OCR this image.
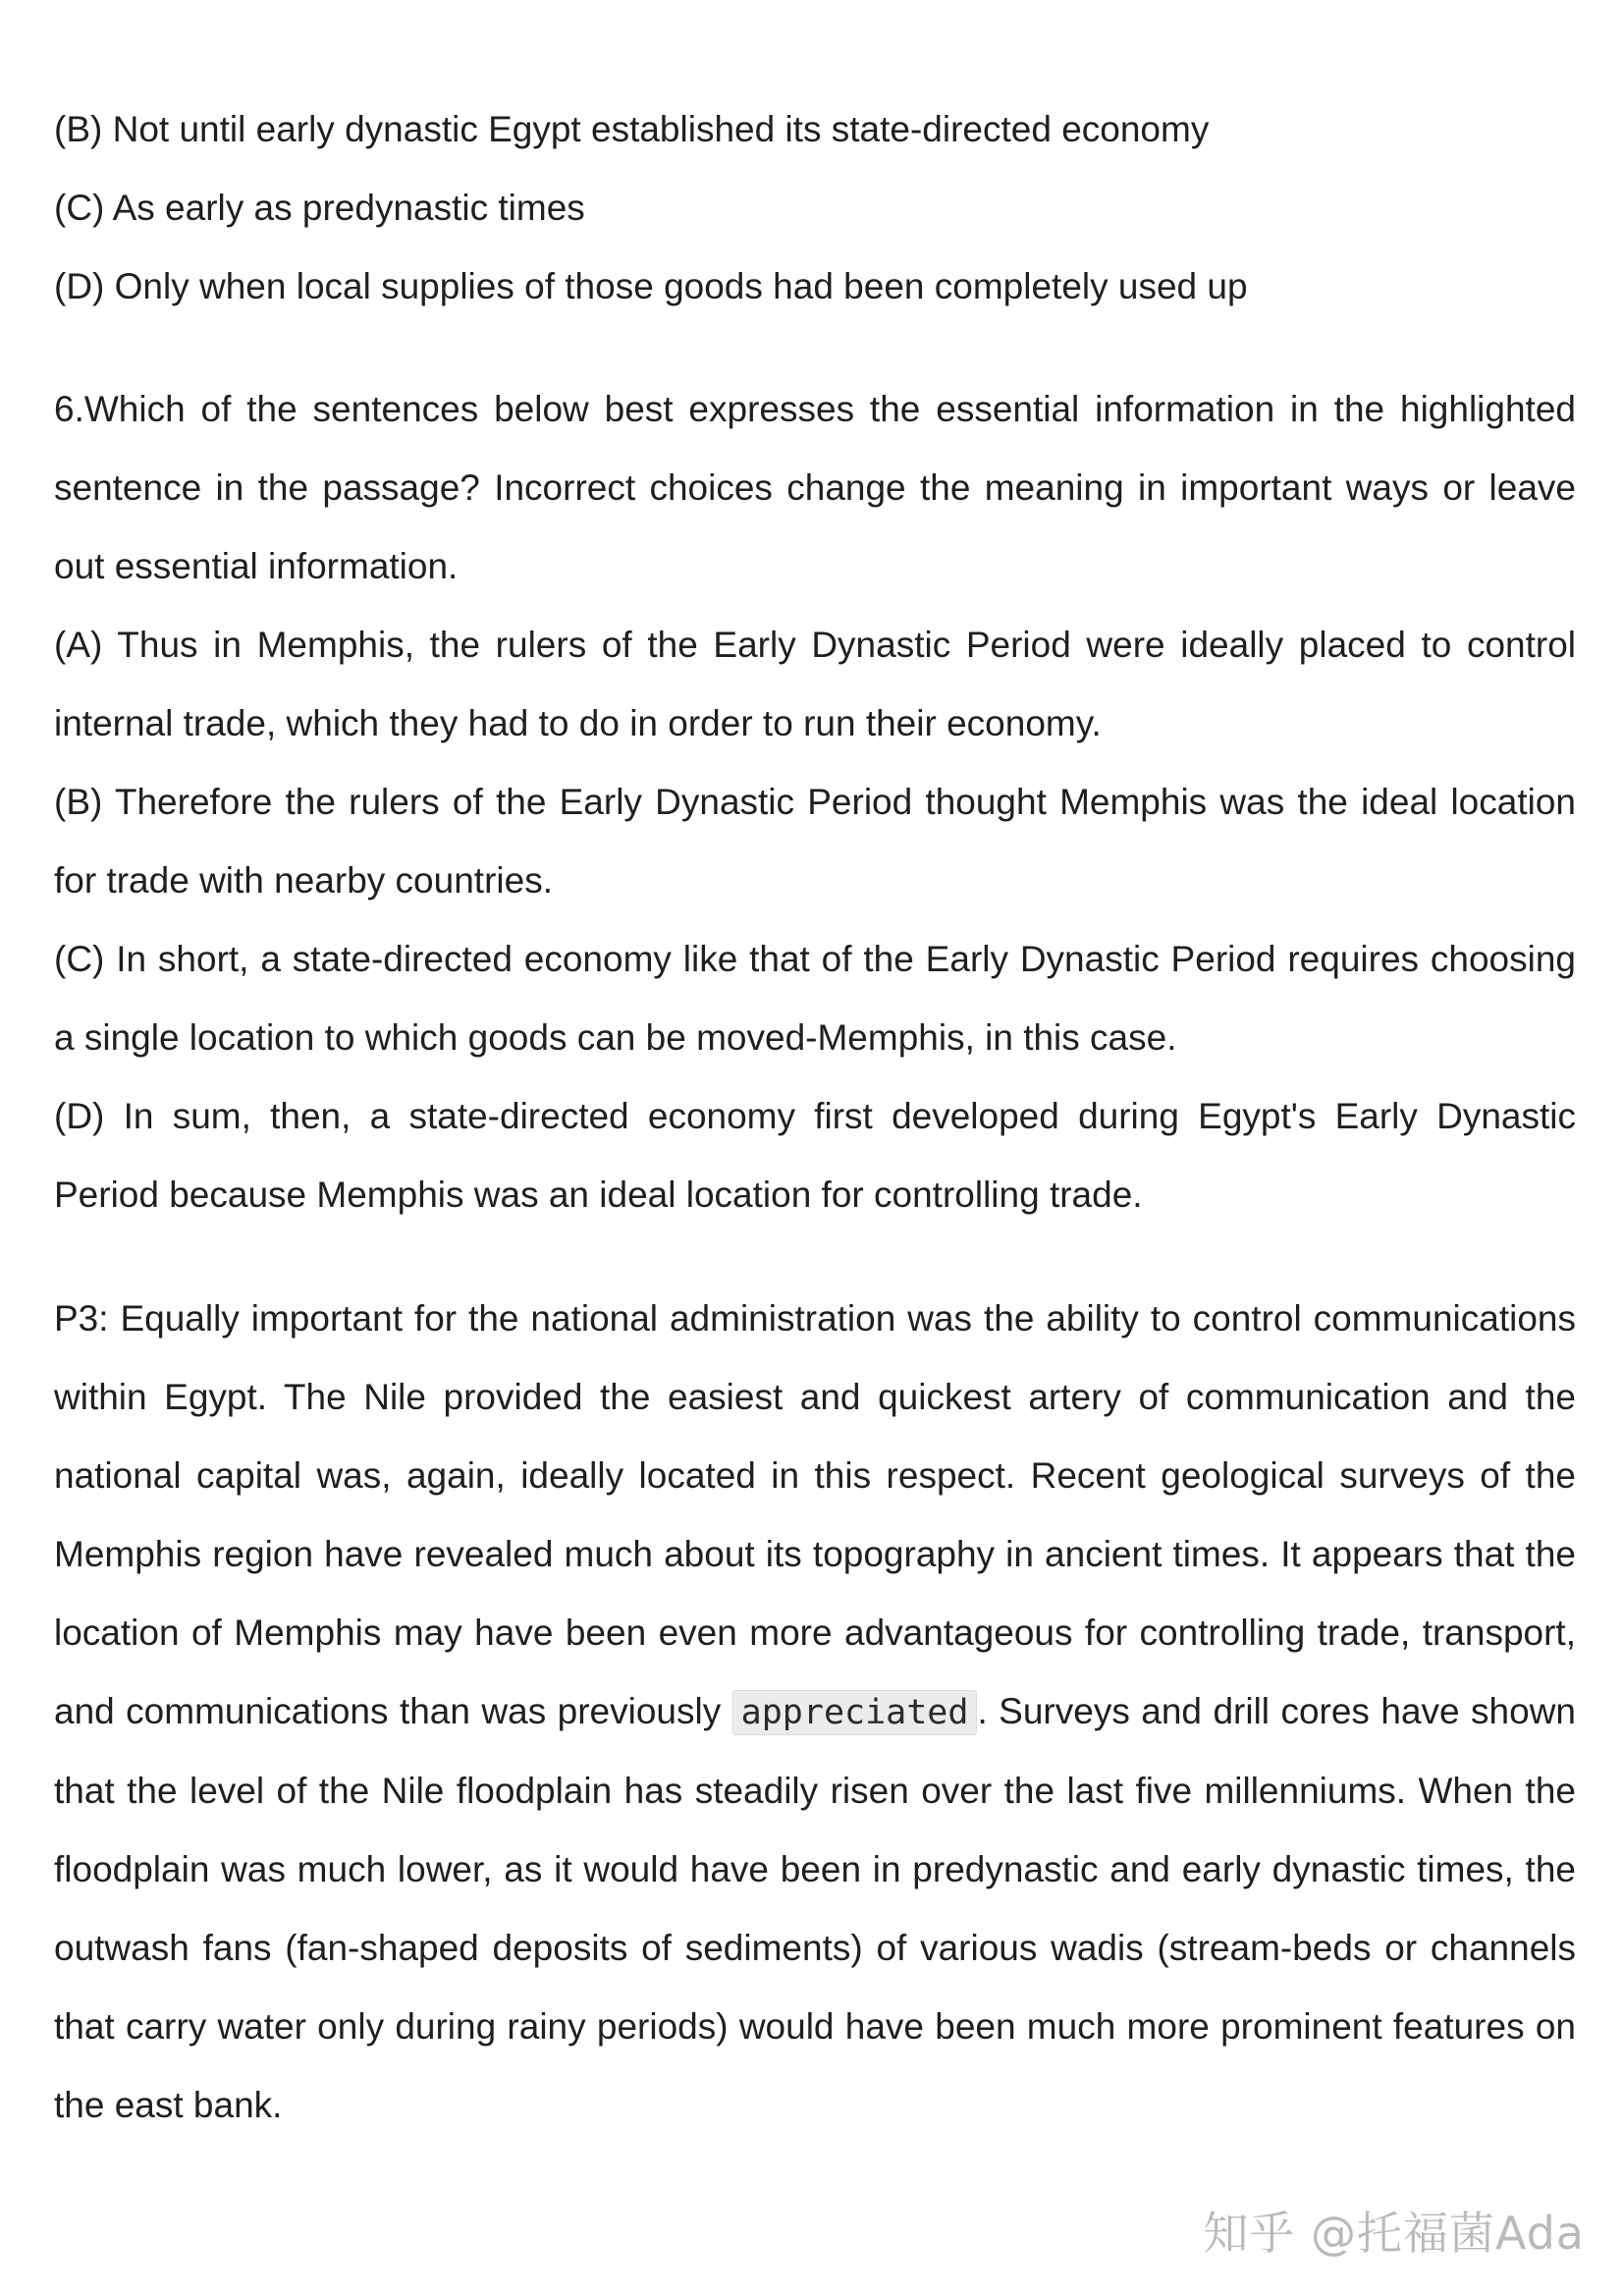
(B) Not until early dynastic Egypt established its state-directed economy

(C) As early as predynastic times

(D) Only when local supplies of those goods had been completely used up

6.Which of the sentences below best expresses the essential information in the highlighted sentence in the passage? Incorrect choices change the meaning in important ways or leave out essential information.

(A) Thus in Memphis, the rulers of the Early Dynastic Period were ideally placed to control internal trade, which they had to do in order to run their economy.

(B) Therefore the rulers of the Early Dynastic Period thought Memphis was the ideal location for trade with nearby countries.

(C) In short, a state-directed economy like that of the Early Dynastic Period requires choosing a single location to which goods can be moved-Memphis, in this case.

(D) In sum, then, a state-directed economy first developed during Egypt's Early Dynastic Period because Memphis was an ideal location for controlling trade.

P3: Equally important for the national administration was the ability to control communications within Egypt. The Nile provided the easiest and quickest artery of communication and the national capital was, again, ideally located in this respect. Recent geological surveys of the Memphis region have revealed much about its topography in ancient times. It appears that the location of Memphis may have been even more advantageous for controlling trade, transport, and communications than was previously appreciated . Surveys and drill cores have shown that the level of the Nile floodplain has steadily risen over the last five millenniums. When the floodplain was much lower, as it would have been in predynastic and early dynastic times, the outwash fans (fan-shaped deposits of sediments) of various wadis (stream-beds or channels that carry water only during rainy periods) would have been much more prominent features on the east bank.

知乎 @托福菌Ada
